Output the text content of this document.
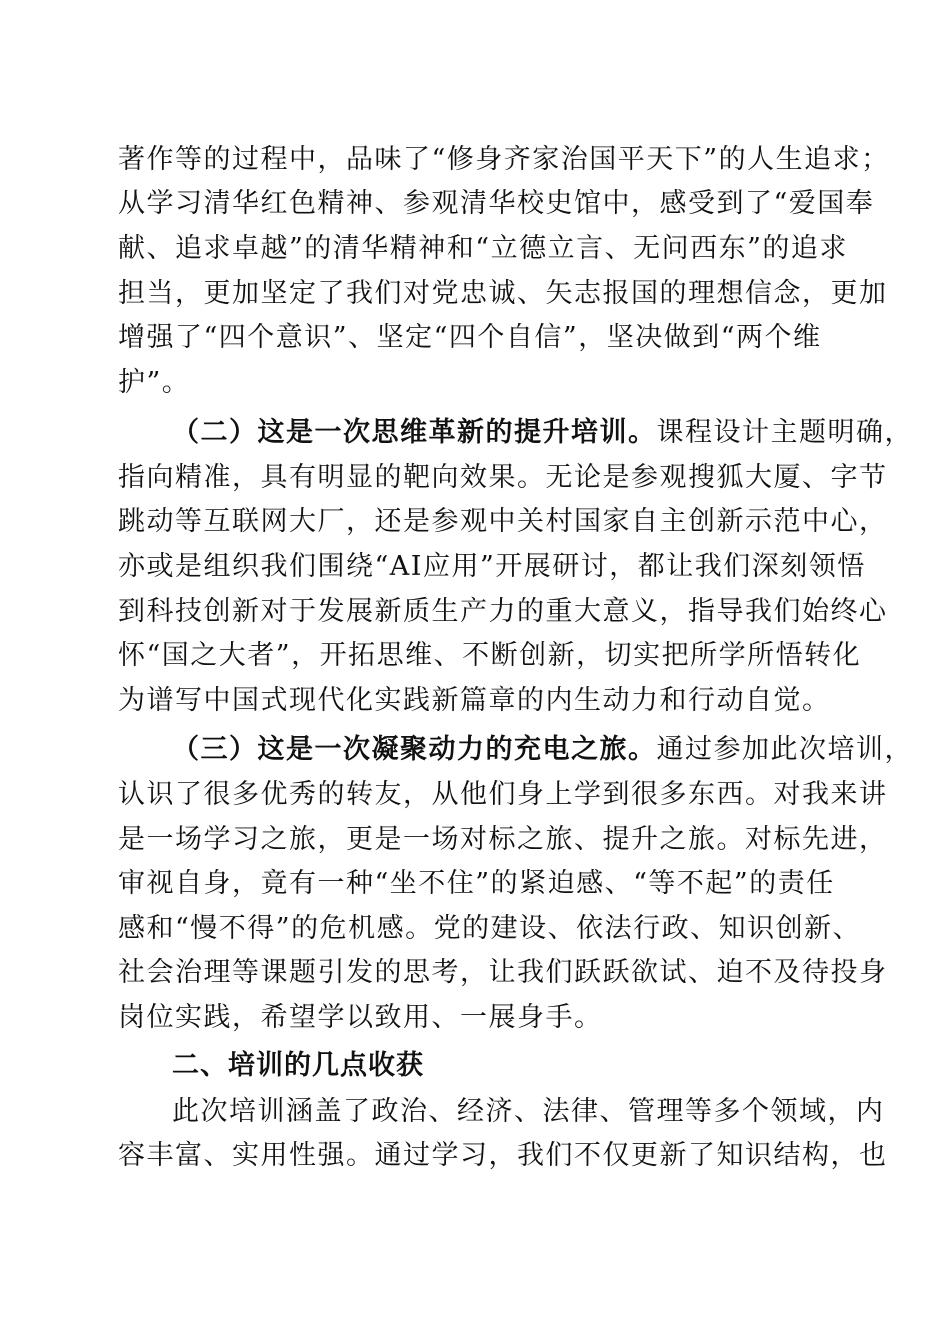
著作等的过程中，品味了“修身齐家治国平天下”的人生追求；
从学习清华红色精神、参观清华校史馆中，感受到了“爱国奉
献、追求卓越”的清华精神和“立德立言、无问西东”的追求
担当，更加坚定了我们对党忠诚、矢志报国的理想信念，更加
增强了“四个意识”、坚定“四个自信”，坚决做到“两个维
护”。
（二）这是一次思维革新的提升培训。课程设计主题明确，
指向精准，具有明显的靶向效果。无论是参观搜狐大厦、字节
跳动等互联网大厂，还是参观中关村国家自主创新示范中心，
亦或是组织我们围绕“AI应用”开展研讨，都让我们深刻领悟
到科技创新对于发展新质生产力的重大意义，指导我们始终心
怀“国之大者”，开拓思维、不断创新，切实把所学所悟转化
为谱写中国式现代化实践新篇章的内生动力和行动自觉。
（三）这是一次凝聚动力的充电之旅。通过参加此次培训，
认识了很多优秀的转友，从他们身上学到很多东西。对我来讲
是一场学习之旅，更是一场对标之旅、提升之旅。对标先进，
审视自身，竟有一种“坐不住”的紧迫感、“等不起”的责任
感和“慢不得”的危机感。党的建设、依法行政、知识创新、
社会治理等课题引发的思考，让我们跃跃欲试、迫不及待投身
岗位实践，希望学以致用、一展身手。
二、培训的几点收获
此次培训涵盖了政治、经济、法律、管理等多个领域，内
容丰富、实用性强。通过学习，我们不仅更新了知识结构，也
